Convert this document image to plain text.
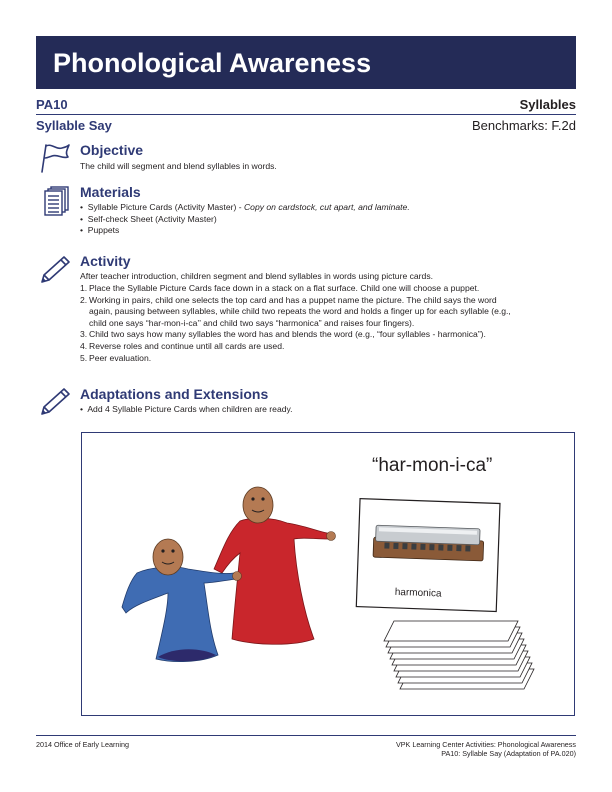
Phonological Awareness
PA10	Syllables
Syllable Say	Benchmarks: F.2d
Objective
The child will segment and blend syllables in words.
Materials
•  Syllable Picture Cards (Activity Master) - Copy on cardstock, cut apart, and laminate.
•  Self-check Sheet (Activity Master)
•  Puppets
Activity
After teacher introduction, children segment and blend syllables in words using picture cards.
1. Place the Syllable Picture Cards face down in a stack on a flat surface. Child one will choose a puppet.
2. Working in pairs, child one selects the top card and has a puppet name the picture. The child says the word
again, pausing between syllables, while child two repeats the word and holds a finger up for each syllable (e.g.,
child one says “har-mon-i-ca’’ and child two says “harmonica” and raises four fingers).
3. Child two says how many syllables the word has and blends the word (e.g., “four syllables - harmonica”).
4. Reverse roles and continue until all cards are used.
5. Peer evaluation.
Adaptations and Extensions
•  Add 4 Syllable Picture Cards when children are ready.
“har-mon-i-ca”
harmonica
2014 Office of Early Learning	VPK Learning Center Activities: Phonological Awareness
PA10: Syllable Say (Adaptation of PA.020)
